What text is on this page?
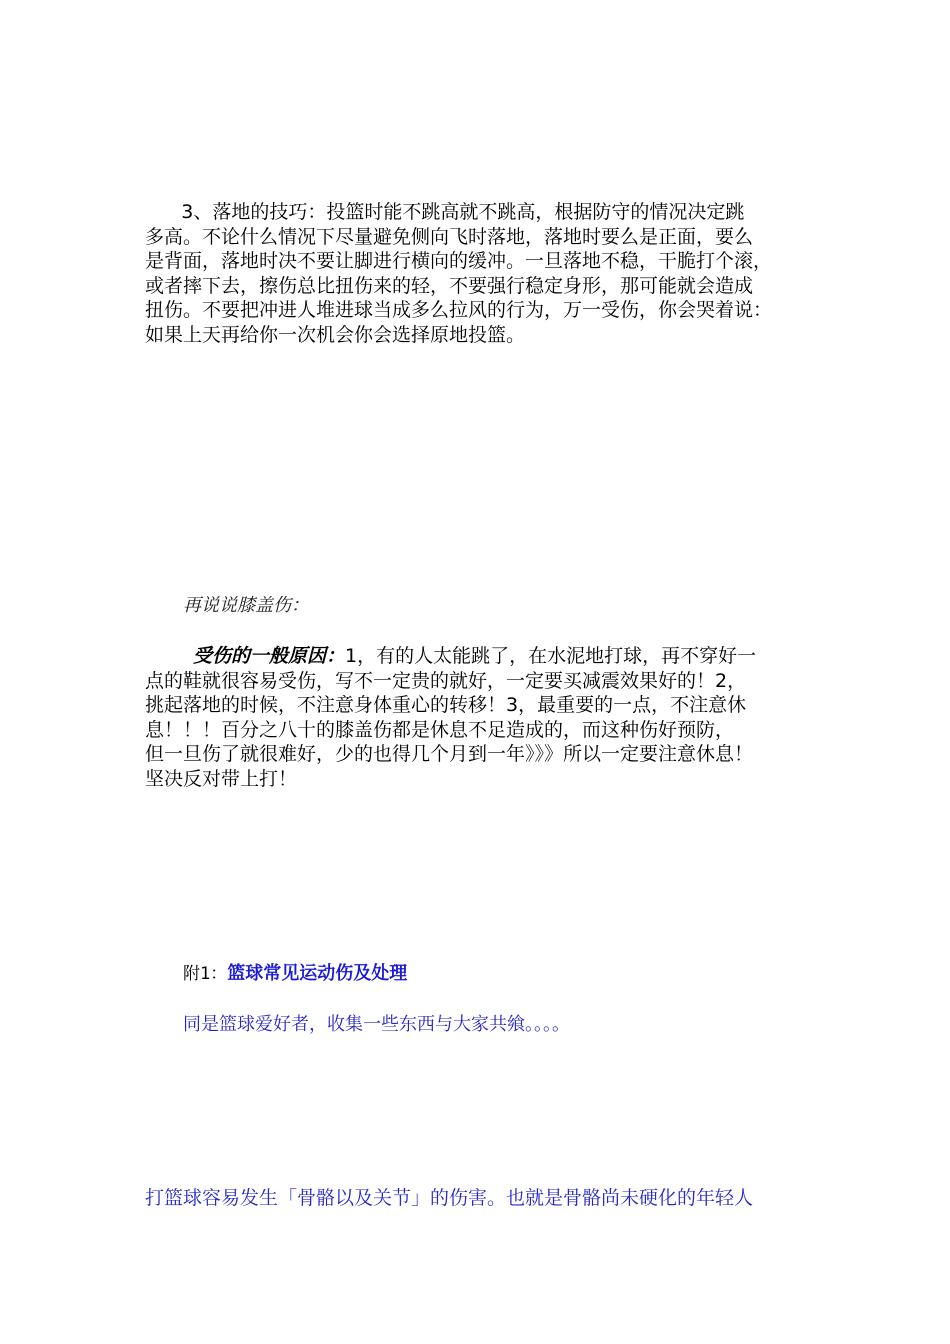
3、落地的技巧：投篮时能不跳高就不跳高，根据防守的情况决定跳
多高。不论什么情况下尽量避免侧向飞时落地，落地时要么是正面，要么
是背面，落地时决不要让脚进行横向的缓冲。一旦落地不稳，干脆打个滚，
或者摔下去，擦伤总比扭伤来的轻，不要强行稳定身形，那可能就会造成
扭伤。不要把冲进人堆进球当成多么拉风的行为，万一受伤，你会哭着说：
如果上天再给你一次机会你会选择原地投篮。
再说说膝盖伤：
受伤的一般原因：1，有的人太能跳了，在水泥地打球，再不穿好一
点的鞋就很容易受伤，写不一定贵的就好，一定要买减震效果好的！2，
挑起落地的时候，不注意身体重心的转移！3，最重要的一点，不注意休
息！！！百分之八十的膝盖伤都是休息不足造成的，而这种伤好预防，
但一旦伤了就很难好，少的也得几个月到一年》》》所以一定要注意休息！
坚决反对带上打！
附1：篮球常见运动伤及处理
同是篮球爱好者，收集一些东西与大家共飨。。。。
打篮球容易发生「骨骼以及关节」的伤害。也就是骨骼尚未硬化的年轻人
